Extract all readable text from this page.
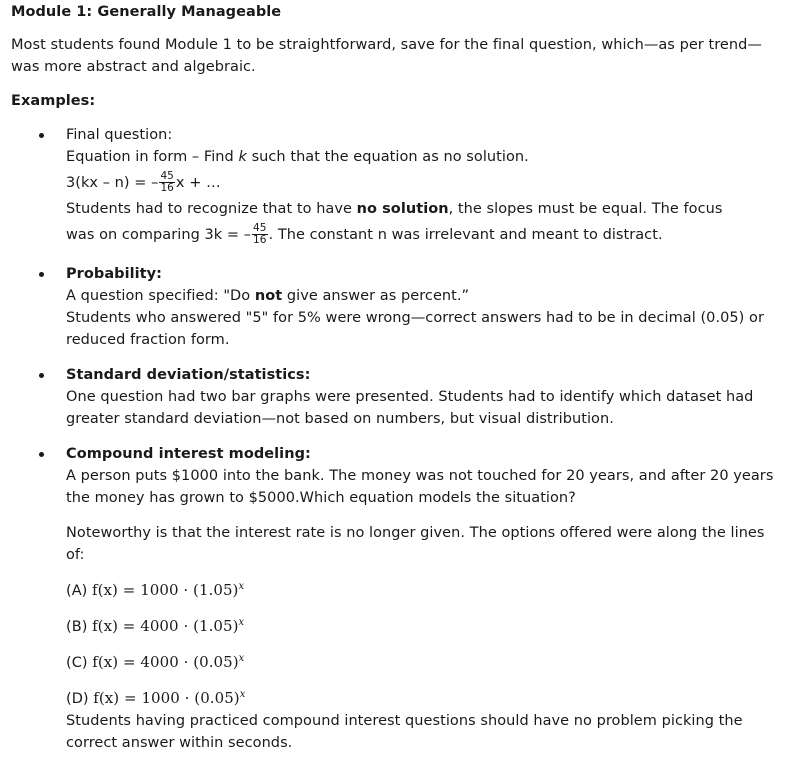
Module 1: Generally Manageable
Most students found Module 1 to be straightforward, save for the final question, which—as per trend—was more abstract and algebraic.
Examples:
Final question:
Equation in form – Find k such that the equation as no solution.
3(kx – n) = – $\frac{45}{16}$ x + …
Students had to recognize that to have no solution, the slopes must be equal. The focus
was on comparing 3k = – $\frac{45}{16}$ . The constant n was irrelevant and meant to distract.
Probability:
A question specified: "Do not give answer as percent.”
Students who answered "5" for 5% were wrong—correct answers had to be in decimal (0.05) or reduced fraction form.
Standard deviation/statistics:
One question had two bar graphs were presented. Students had to identify which dataset had greater standard deviation—not based on numbers, but visual distribution.
Compound interest modeling:
A person puts $1000 into the bank. The money was not touched for 20 years, and after 20 years the money has grown to $5000.Which equation models the situation?
Noteworthy is that the interest rate is no longer given. The options offered were along the lines of:
(A) $f(x) = 1000 \cdot (1.05)^x$
(B) $f(x) = 4000 \cdot (1.05)^x$
(C) $f(x) = 4000 \cdot (0.05)^x$
(D) $f(x) = 1000 \cdot (0.05)^x$
Students having practiced compound interest questions should have no problem picking the correct answer within seconds.
